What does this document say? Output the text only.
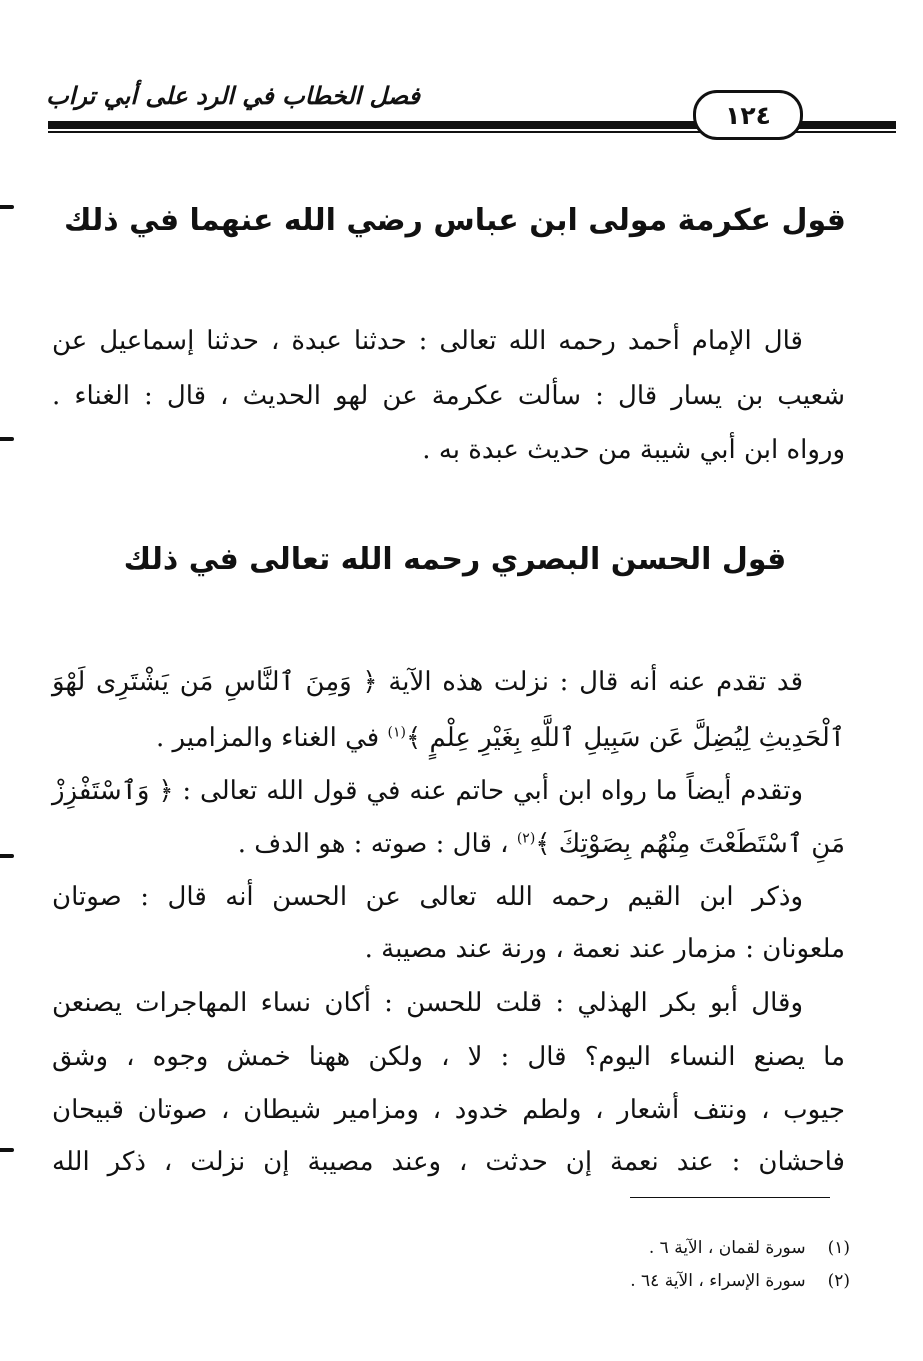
فصل الخطاب في الرد على أبي تراب
١٢٤
قول عكرمة مولى ابن عباس رضي الله عنهما في ذلك
قال الإمام أحمد رحمه الله تعالى : حدثنا عبدة ، حدثنا إسماعيل عن
شعيب بن يسار قال : سألت عكرمة عن لهو الحديث ، قال : الغناء .
ورواه ابن أبي شيبة من حديث عبدة به .
قول الحسن البصري رحمه الله تعالى في ذلك
قد تقدم عنه أنه قال : نزلت هذه الآية ﴿ وَمِنَ ٱلنَّاسِ مَن يَشْتَرِى لَهْوَ
ٱلْحَدِيثِ لِيُضِلَّ عَن سَبِيلِ ٱللَّهِ بِغَيْرِ عِلْمٍ ﴾$^{(١)}$ في الغناء والمزامير .
وتقدم أيضاً ما رواه ابن أبي حاتم عنه في قول الله تعالى : ﴿ وَٱسْتَفْزِزْ
مَنِ ٱسْتَطَعْتَ مِنْهُم بِصَوْتِكَ ﴾$^{(٢)}$ ، قال : صوته : هو الدف .
وذكر ابن القيم رحمه الله تعالى عن الحسن أنه قال : صوتان
ملعونان : مزمار عند نعمة ، ورنة عند مصيبة .
وقال أبو بكر الهذلي : قلت للحسن : أكان نساء المهاجرات يصنعن
ما يصنع النساء اليوم؟ قال : لا ، ولكن ههنا خمش وجوه ، وشق
جيوب ، ونتف أشعار ، ولطم خدود ، ومزامير شيطان ، صوتان قبيحان
فاحشان : عند نعمة إن حدثت ، وعند مصيبة إن نزلت ، ذكر الله
(١)سورة لقمان ، الآية ٦ .
(٢)سورة الإسراء ، الآية ٦٤ .
